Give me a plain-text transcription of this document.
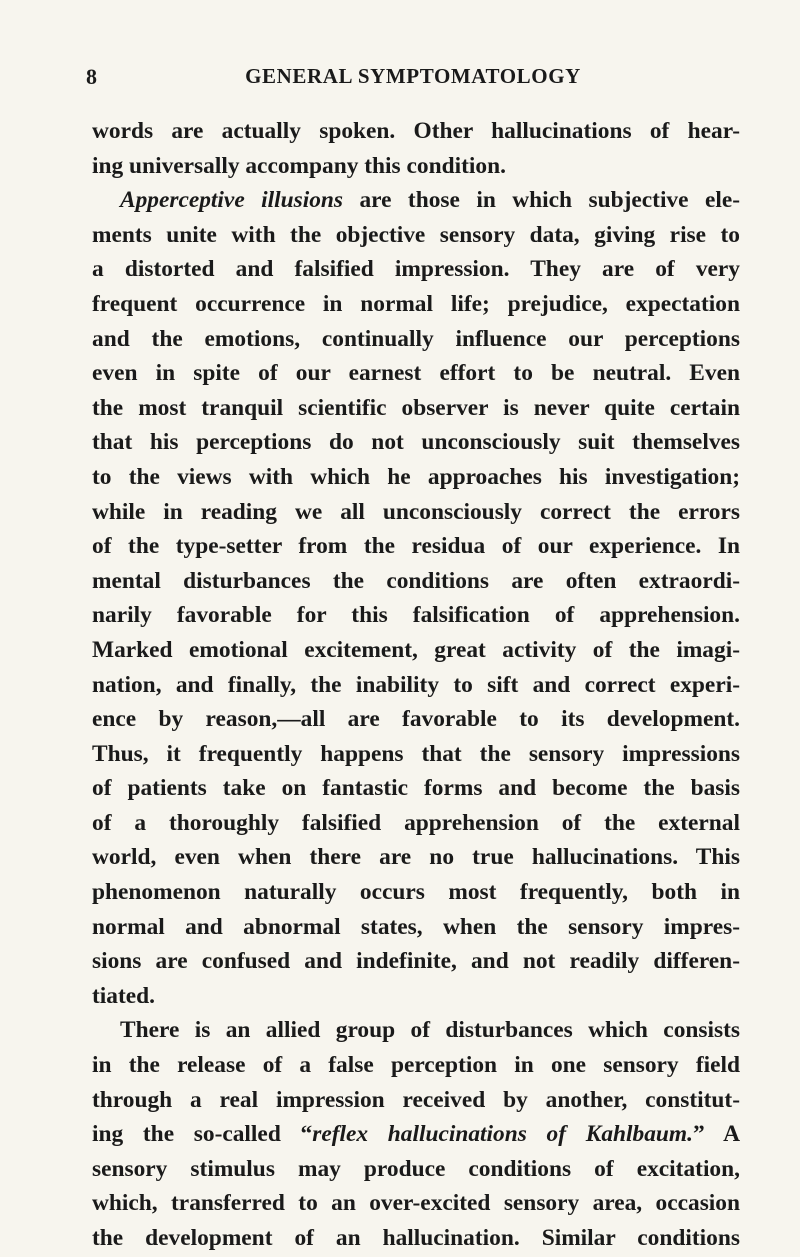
8	GENERAL SYMPTOMATOLOGY
words are actually spoken. Other hallucinations of hear-
ing universally accompany this condition.
Apperceptive illusions are those in which subjective ele-
ments unite with the objective sensory data, giving rise to
a distorted and falsified impression. They are of very
frequent occurrence in normal life; prejudice, expectation
and the emotions, continually influence our perceptions
even in spite of our earnest effort to be neutral. Even
the most tranquil scientific observer is never quite certain
that his perceptions do not unconsciously suit themselves
to the views with which he approaches his investigation;
while in reading we all unconsciously correct the errors
of the type-setter from the residua of our experience. In
mental disturbances the conditions are often extraordi-
narily favorable for this falsification of apprehension.
Marked emotional excitement, great activity of the imagi-
nation, and finally, the inability to sift and correct experi-
ence by reason,—all are favorable to its development.
Thus, it frequently happens that the sensory impressions
of patients take on fantastic forms and become the basis
of a thoroughly falsified apprehension of the external
world, even when there are no true hallucinations. This
phenomenon naturally occurs most frequently, both in
normal and abnormal states, when the sensory impres-
sions are confused and indefinite, and not readily differen-
tiated.
There is an allied group of disturbances which consists
in the release of a false perception in one sensory field
through a real impression received by another, constitut-
ing the so-called “reflex hallucinations of Kahlbaum.” A
sensory stimulus may produce conditions of excitation,
which, transferred to an over-excited sensory area, occasion
the development of an hallucination. Similar conditions
